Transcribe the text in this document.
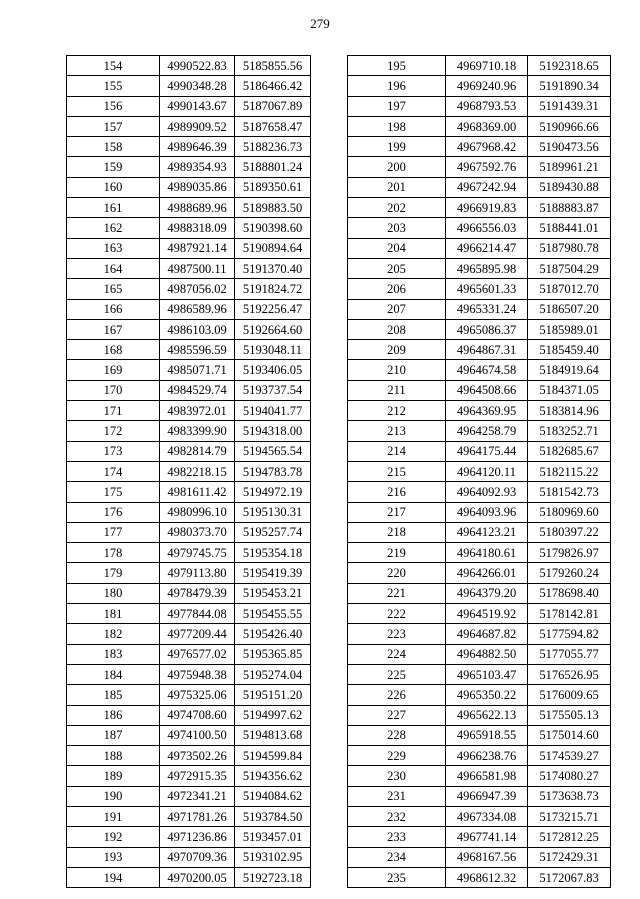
279
154	4990522.83	5185855.56
155	4990348.28	5186466.42
156	4990143.67	5187067.89
157	4989909.52	5187658.47
158	4989646.39	5188236.73
159	4989354.93	5188801.24
160	4989035.86	5189350.61
161	4988689.96	5189883.50
162	4988318.09	5190398.60
163	4987921.14	5190894.64
164	4987500.11	5191370.40
165	4987056.02	5191824.72
166	4986589.96	5192256.47
167	4986103.09	5192664.60
168	4985596.59	5193048.11
169	4985071.71	5193406.05
170	4984529.74	5193737.54
171	4983972.01	5194041.77
172	4983399.90	5194318.00
173	4982814.79	5194565.54
174	4982218.15	5194783.78
175	4981611.42	5194972.19
176	4980996.10	5195130.31
177	4980373.70	5195257.74
178	4979745.75	5195354.18
179	4979113.80	5195419.39
180	4978479.39	5195453.21
181	4977844.08	5195455.55
182	4977209.44	5195426.40
183	4976577.02	5195365.85
184	4975948.38	5195274.04
185	4975325.06	5195151.20
186	4974708.60	5194997.62
187	4974100.50	5194813.68
188	4973502.26	5194599.84
189	4972915.35	5194356.62
190	4972341.21	5194084.62
191	4971781.26	5193784.50
192	4971236.86	5193457.01
193	4970709.36	5193102.95
194	4970200.05	5192723.18
195	4969710.18	5192318.65
196	4969240.96	5191890.34
197	4968793.53	5191439.31
198	4968369.00	5190966.66
199	4967968.42	5190473.56
200	4967592.76	5189961.21
201	4967242.94	5189430.88
202	4966919.83	5188883.87
203	4966556.03	5188441.01
204	4966214.47	5187980.78
205	4965895.98	5187504.29
206	4965601.33	5187012.70
207	4965331.24	5186507.20
208	4965086.37	5185989.01
209	4964867.31	5185459.40
210	4964674.58	5184919.64
211	4964508.66	5184371.05
212	4964369.95	5183814.96
213	4964258.79	5183252.71
214	4964175.44	5182685.67
215	4964120.11	5182115.22
216	4964092.93	5181542.73
217	4964093.96	5180969.60
218	4964123.21	5180397.22
219	4964180.61	5179826.97
220	4964266.01	5179260.24
221	4964379.20	5178698.40
222	4964519.92	5178142.81
223	4964687.82	5177594.82
224	4964882.50	5177055.77
225	4965103.47	5176526.95
226	4965350.22	5176009.65
227	4965622.13	5175505.13
228	4965918.55	5175014.60
229	4966238.76	5174539.27
230	4966581.98	5174080.27
231	4966947.39	5173638.73
232	4967334.08	5173215.71
233	4967741.14	5172812.25
234	4968167.56	5172429.31
235	4968612.32	5172067.83
